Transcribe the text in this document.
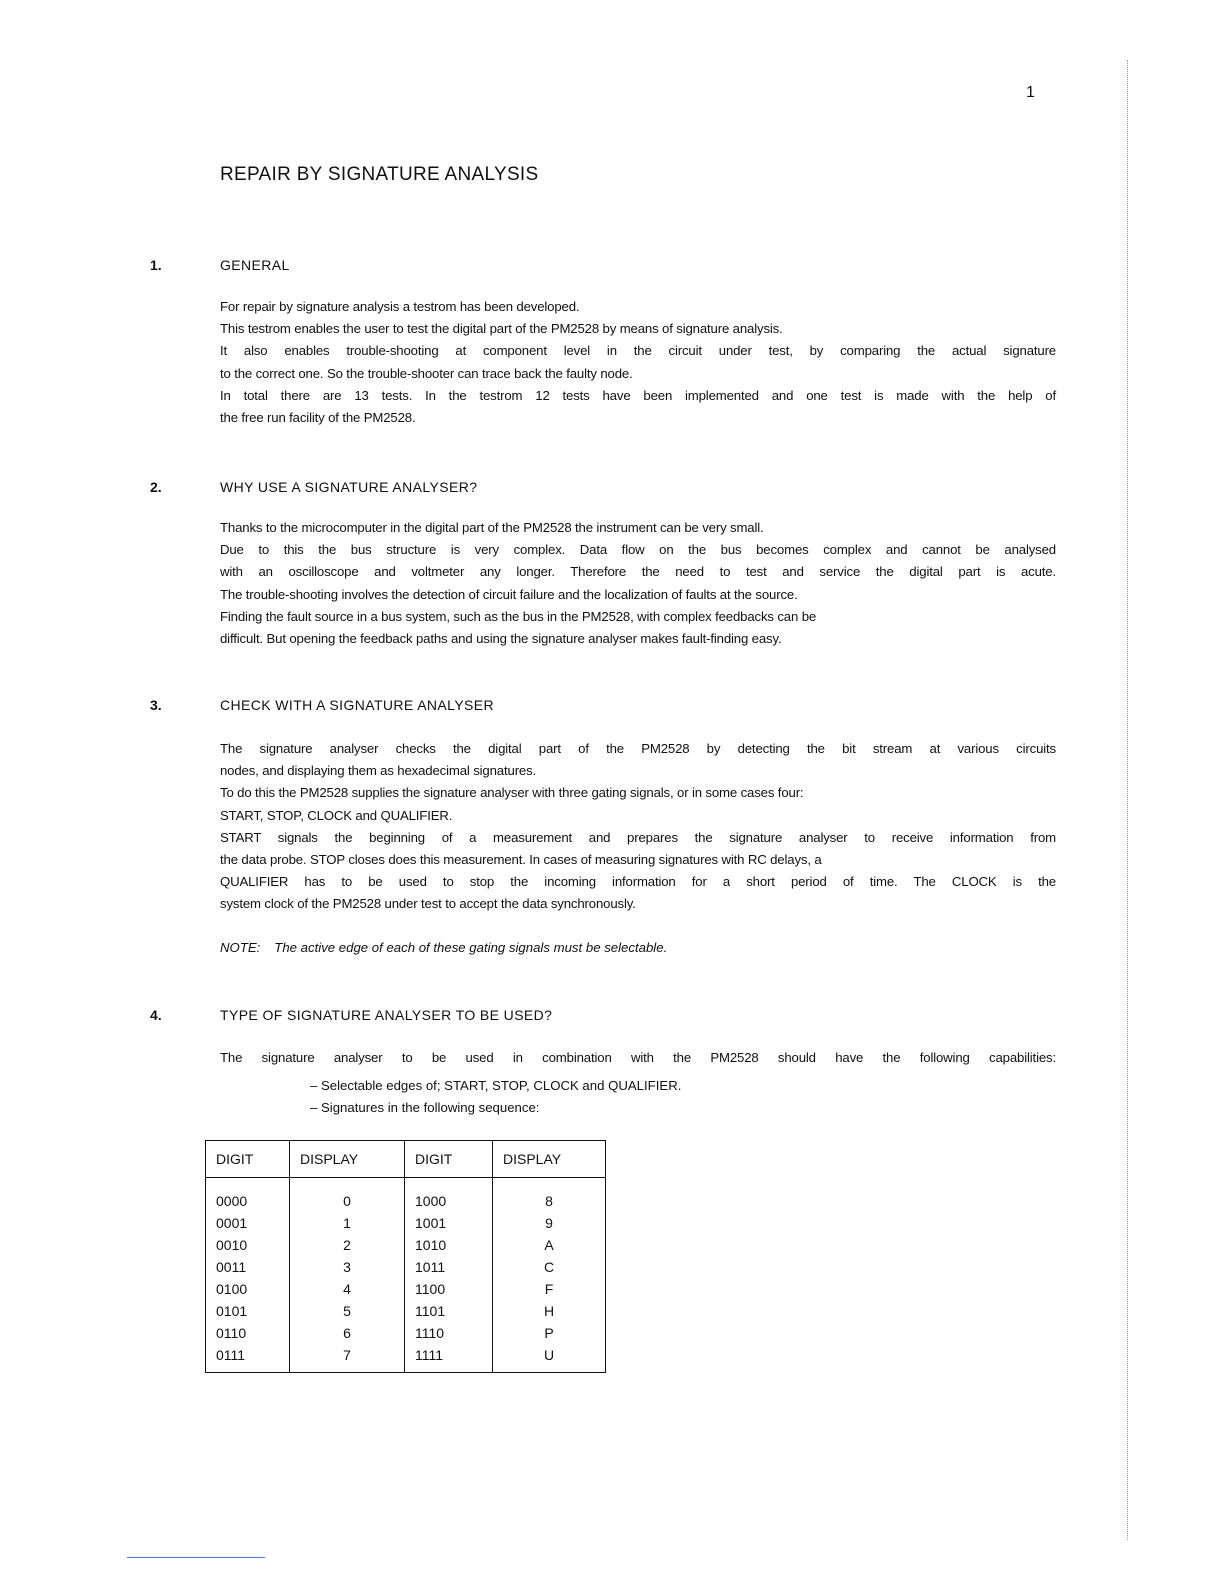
1
REPAIR BY SIGNATURE ANALYSIS
1.	GENERAL
For repair by signature analysis a testrom has been developed.
This testrom enables the user to test the digital part of the PM2528 by means of signature analysis.
It also enables trouble-shooting at component level in the circuit under test, by comparing the actual signature
to the correct one. So the trouble-shooter can trace back the faulty node.
In total there are 13 tests. In the testrom 12 tests have been implemented and one test is made with the help of
the free run facility of the PM2528.
2.	WHY USE A SIGNATURE ANALYSER?
Thanks to the microcomputer in the digital part of the PM2528 the instrument can be very small.
Due to this the bus structure is very complex. Data flow on the bus becomes complex and cannot be analysed
with an oscilloscope and voltmeter any longer. Therefore the need to test and service the digital part is acute.
The trouble-shooting involves the detection of circuit failure and the localization of faults at the source.
Finding the fault source in a bus system, such as the bus in the PM2528, with complex feedbacks can be
difficult. But opening the feedback paths and using the signature analyser makes fault-finding easy.
3.	CHECK WITH A SIGNATURE ANALYSER
The signature analyser checks the digital part of the PM2528 by detecting the bit stream at various circuits
nodes, and displaying them as hexadecimal signatures.
To do this the PM2528 supplies the signature analyser with three gating signals, or in some cases four:
START, STOP, CLOCK and QUALIFIER.
START signals the beginning of a measurement and prepares the signature analyser to receive information from
the data probe. STOP closes does this measurement. In cases of measuring signatures with RC delays, a
QUALIFIER has to be used to stop the incoming information for a short period of time. The CLOCK is the
system clock of the PM2528 under test to accept the data synchronously.
NOTE: The active edge of each of these gating signals must be selectable.
4.	TYPE OF SIGNATURE ANALYSER TO BE USED?
The signature analyser to be used in combination with the PM2528 should have the following capabilities:
– Selectable edges of; START, STOP, CLOCK and QUALIFIER.
– Signatures in the following sequence:
DIGIT	DISPLAY	DIGIT	DISPLAY
0000	0	1000	8
0001	1	1001	9
0010	2	1010	A
0011	3	1011	C
0100	4	1100	F
0101	5	1101	H
0110	6	1110	P
0111	7	1111	U
